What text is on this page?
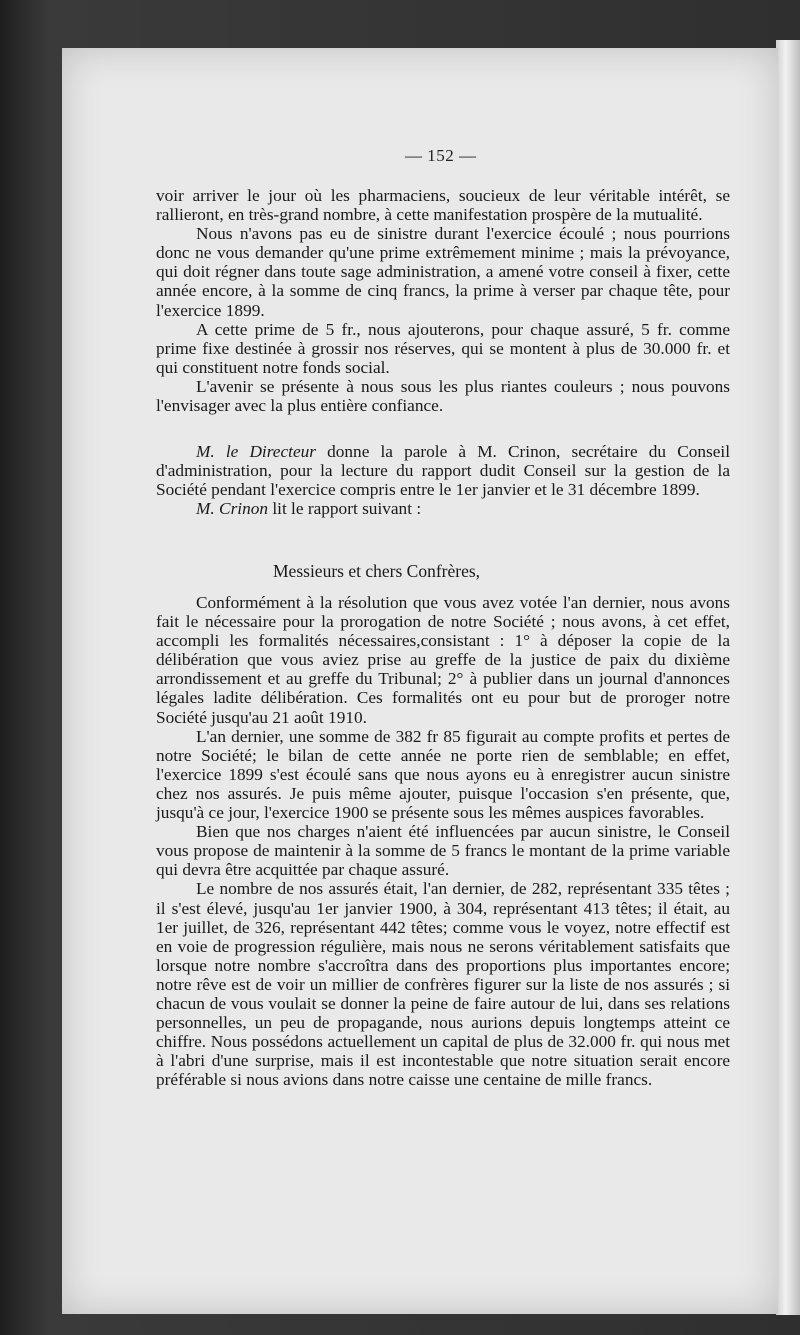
— 152 —

voir arriver le jour où les pharmaciens, soucieux de leur véritable intérêt, se rallieront, en très-grand nombre, à cette manifestation prospère de la mutualité.

Nous n'avons pas eu de sinistre durant l'exercice écoulé ; nous pourrions donc ne vous demander qu'une prime extrêmement minime ; mais la prévoyance, qui doit régner dans toute sage administration, a amené votre conseil à fixer, cette année encore, à la somme de cinq francs, la prime à verser par chaque tête, pour l'exercice 1899.

A cette prime de 5 fr., nous ajouterons, pour chaque assuré, 5 fr. comme prime fixe destinée à grossir nos réserves, qui se montent à plus de 30.000 fr. et qui constituent notre fonds social.

L'avenir se présente à nous sous les plus riantes couleurs ; nous pouvons l'envisager avec la plus entière confiance.

M. le Directeur donne la parole à M. Crinon, secrétaire du Conseil d'administration, pour la lecture du rapport dudit Conseil sur la gestion de la Société pendant l'exercice compris entre le 1er janvier et le 31 décembre 1899.

M. Crinon lit le rapport suivant :

Messieurs et chers Confrères,

Conformément à la résolution que vous avez votée l'an dernier, nous avons fait le nécessaire pour la prorogation de notre Société ; nous avons, à cet effet, accompli les formalités nécessaires,consistant : 1° à déposer la copie de la délibération que vous aviez prise au greffe de la justice de paix du dixième arrondissement et au greffe du Tribunal; 2° à publier dans un journal d'annonces légales ladite délibération. Ces formalités ont eu pour but de proroger notre Société jusqu'au 21 août 1910.

L'an dernier, une somme de 382 fr 85 figurait au compte profits et pertes de notre Société; le bilan de cette année ne porte rien de semblable; en effet, l'exercice 1899 s'est écoulé sans que nous ayons eu à enregistrer aucun sinistre chez nos assurés. Je puis même ajouter, puisque l'occasion s'en présente, que, jusqu'à ce jour, l'exercice 1900 se présente sous les mêmes auspices favorables.

Bien que nos charges n'aient été influencées par aucun sinistre, le Conseil vous propose de maintenir à la somme de 5 francs le montant de la prime variable qui devra être acquittée par chaque assuré.

Le nombre de nos assurés était, l'an dernier, de 282, représentant 335 têtes ; il s'est élevé, jusqu'au 1er janvier 1900, à 304, représentant 413 têtes; il était, au 1er juillet, de 326, représentant 442 têtes; comme vous le voyez, notre effectif est en voie de progression régulière, mais nous ne serons véritablement satisfaits que lorsque notre nombre s'accroîtra dans des proportions plus importantes encore; notre rêve est de voir un millier de confrères figurer sur la liste de nos assurés ; si chacun de vous voulait se donner la peine de faire autour de lui, dans ses relations personnelles, un peu de propagande, nous aurions depuis longtemps atteint ce chiffre. Nous possédons actuellement un capital de plus de 32.000 fr. qui nous met à l'abri d'une surprise, mais il est incontestable que notre situation serait encore préférable si nous avions dans notre caisse une centaine de mille francs.
